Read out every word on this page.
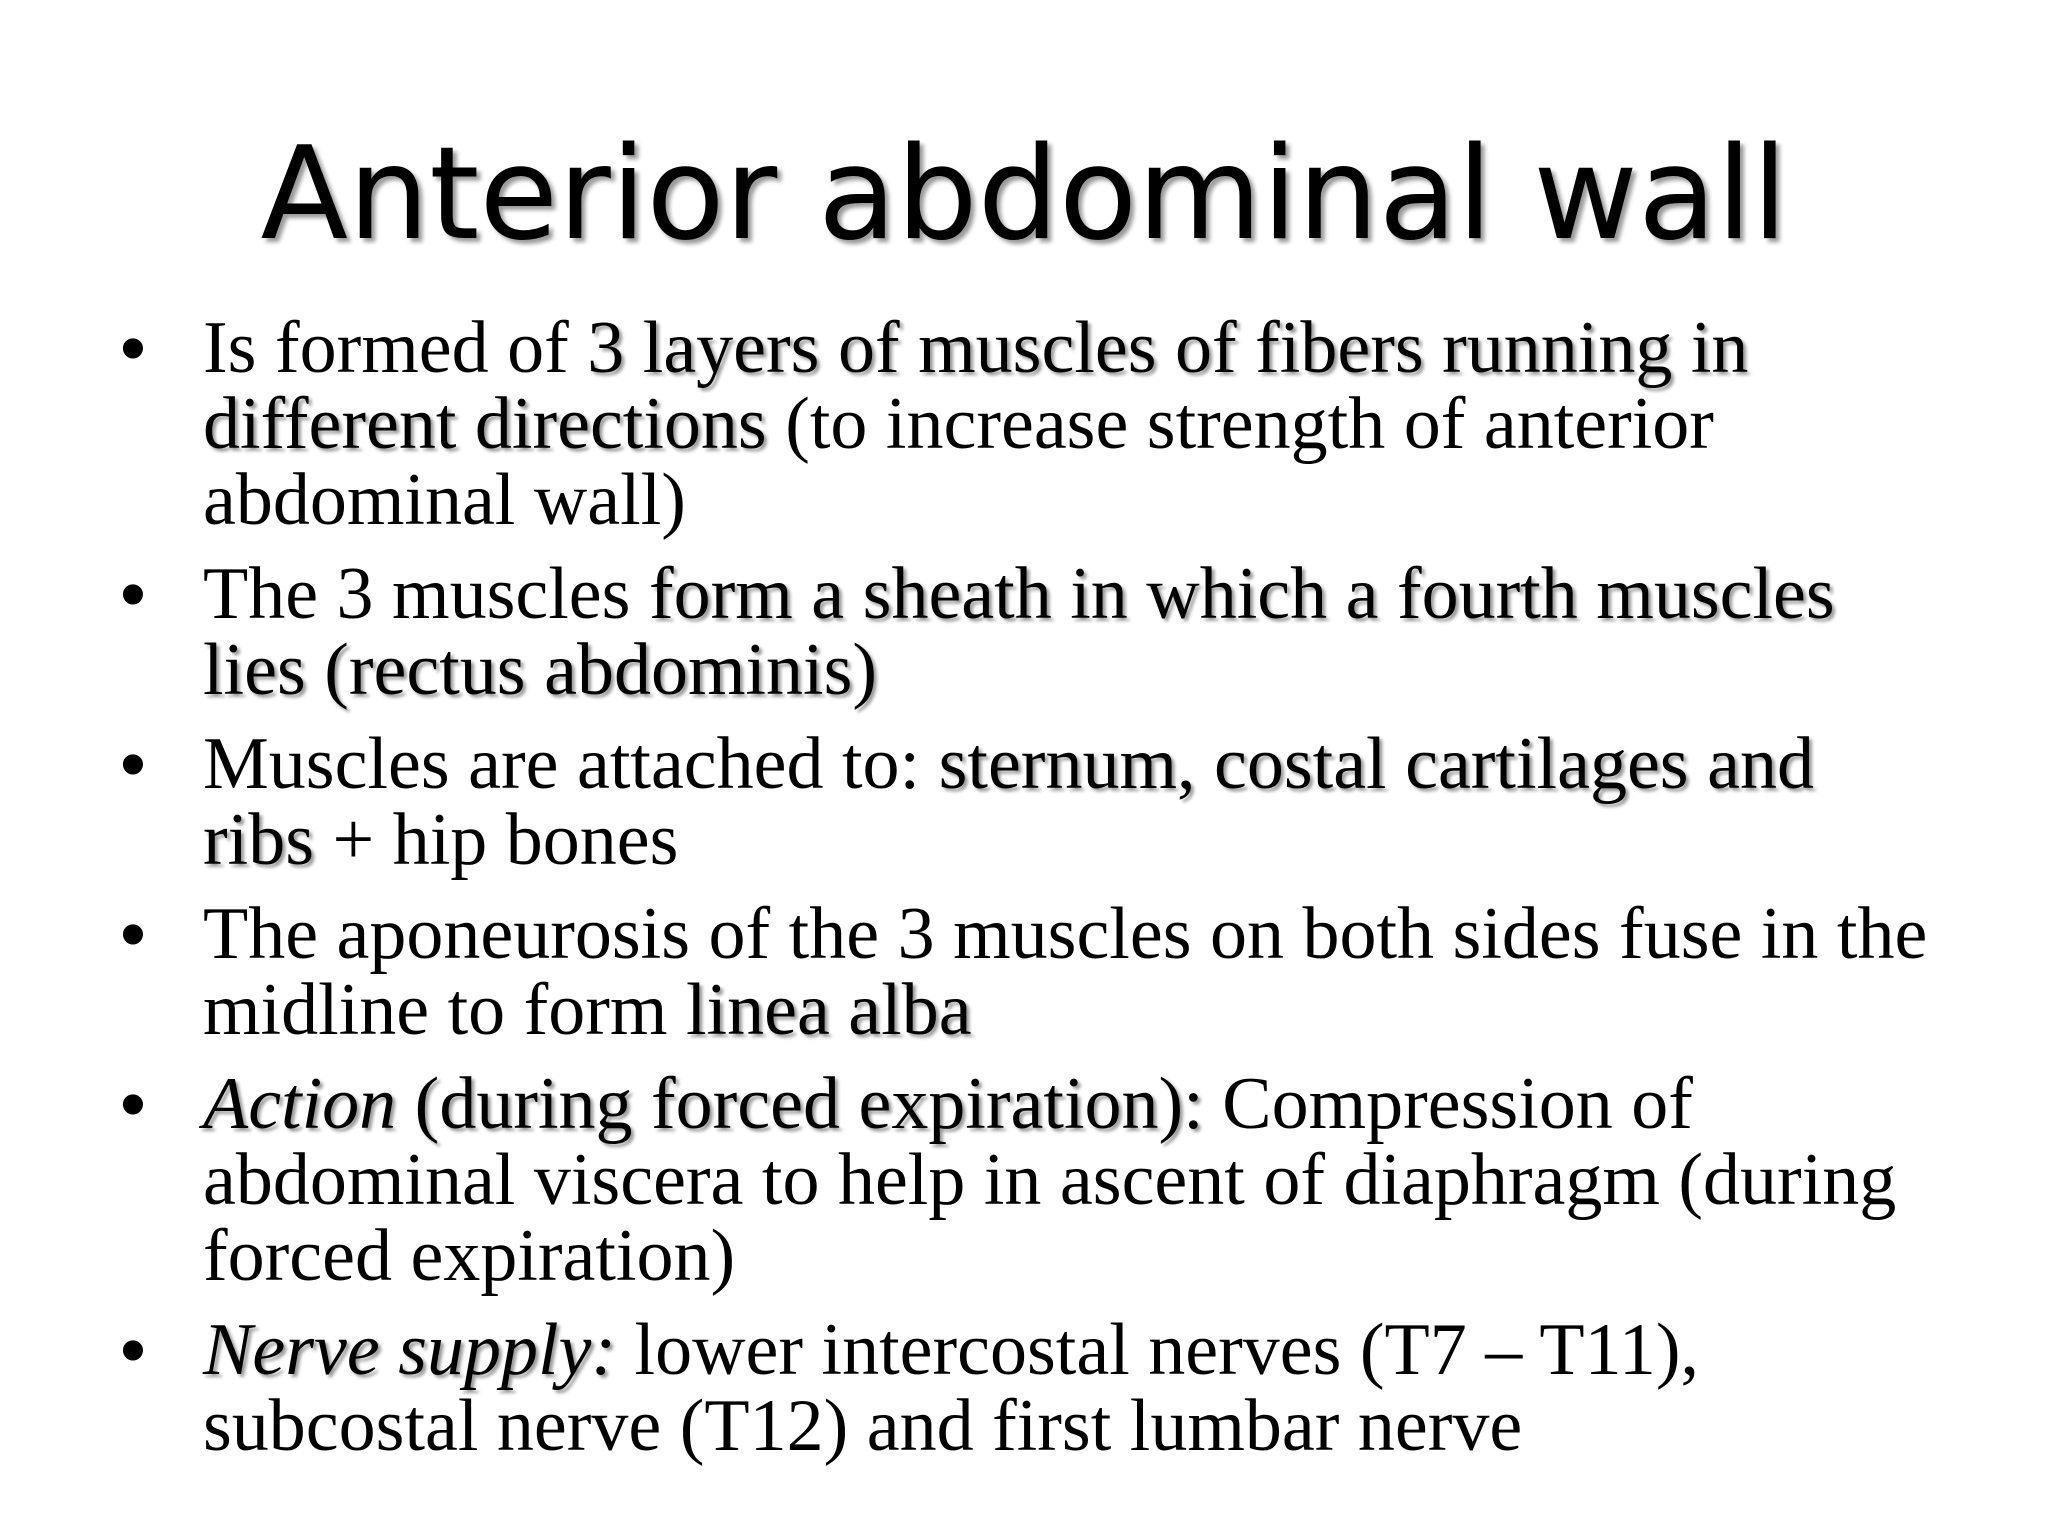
Anterior abdominal wall
• Is formed of 3 layers of muscles of fibers running in different directions (to increase strength of anterior abdominal wall)
• The 3 muscles form a sheath in which a fourth muscles lies (rectus abdominis)
• Muscles are attached to: sternum, costal cartilages and ribs + hip bones
• The aponeurosis of the 3 muscles on both sides fuse in the midline to form linea alba
• Action (during forced expiration): Compression of abdominal viscera to help in ascent of diaphragm (during forced expiration)
• Nerve supply: lower intercostal nerves (T7 – T11), subcostal nerve (T12) and first lumbar nerve
